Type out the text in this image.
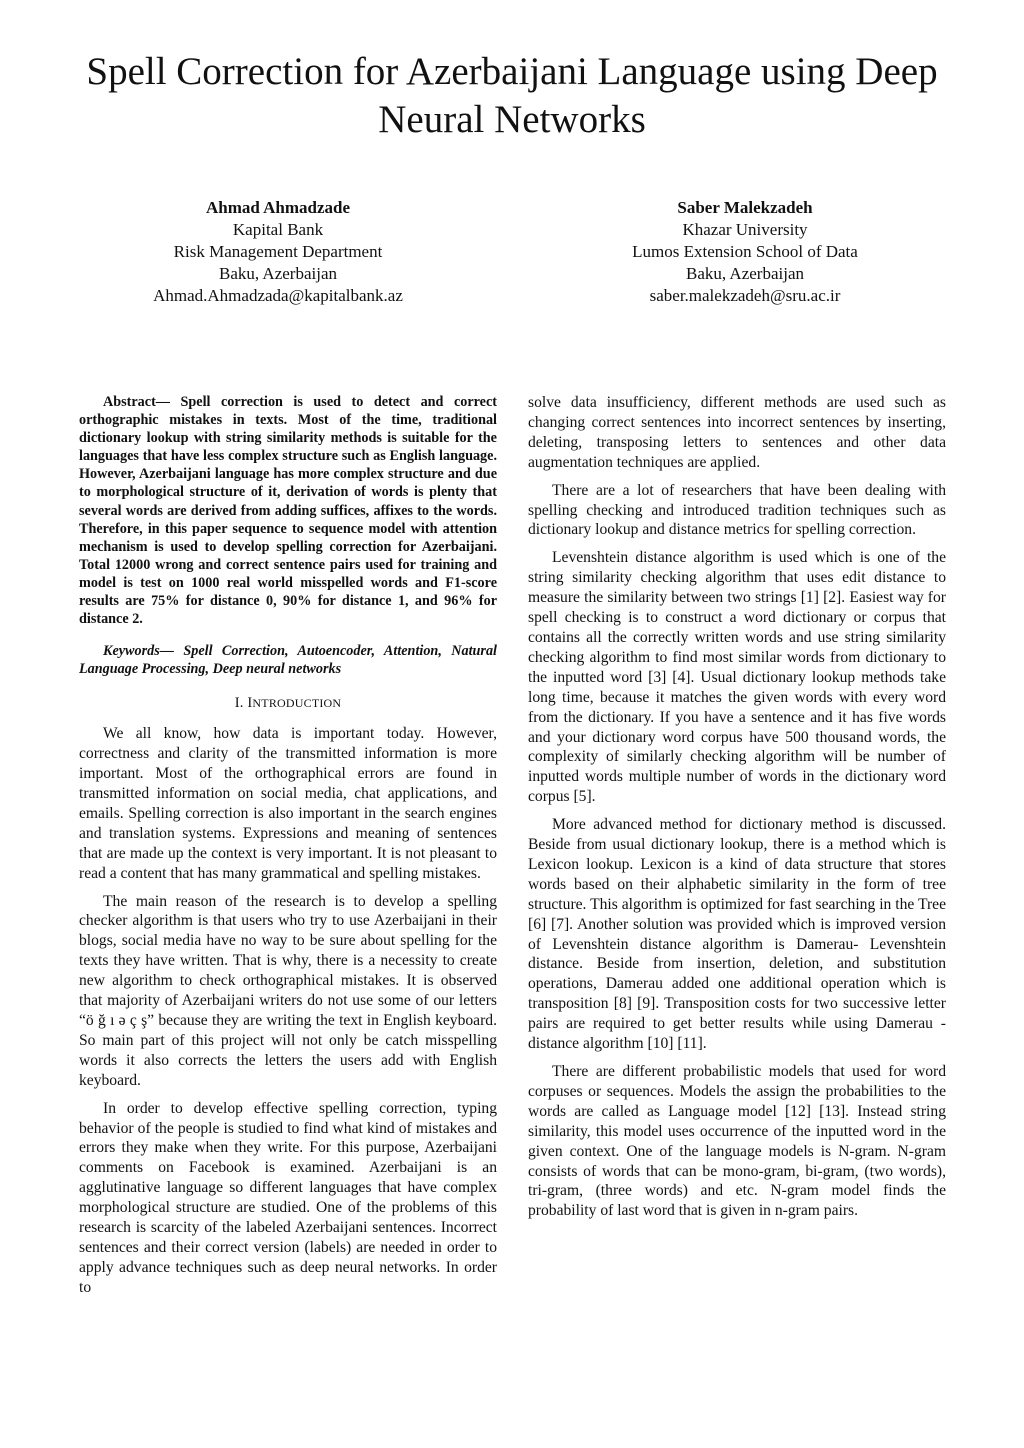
Spell Correction for Azerbaijani Language using Deep Neural Networks
Ahmad Ahmadzade
Kapital Bank
Risk Management Department
Baku, Azerbaijan
Ahmad.Ahmadzada@kapitalbank.az
Saber Malekzadeh
Khazar University
Lumos Extension School of Data
Baku, Azerbaijan
saber.malekzadeh@sru.ac.ir

Abstract— Spell correction is used to detect and correct orthographic mistakes in texts. Most of the time, traditional dictionary lookup with string similarity methods is suitable for the languages that have less complex structure such as English language. However, Azerbaijani language has more complex structure and due to morphological structure of it, derivation of words is plenty that several words are derived from adding suffices, affixes to the words. Therefore, in this paper sequence to sequence model with attention mechanism is used to develop spelling correction for Azerbaijani. Total 12000 wrong and correct sentence pairs used for training and model is test on 1000 real world misspelled words and F1-score results are 75% for distance 0, 90% for distance 1, and 96% for distance 2.

Keywords— Spell Correction, Autoencoder, Attention, Natural Language Processing, Deep neural networks

I. INTRODUCTION

We all know, how data is important today. However, correctness and clarity of the transmitted information is more important. Most of the orthographical errors are found in transmitted information on social media, chat applications, and emails. Spelling correction is also important in the search engines and translation systems. Expressions and meaning of sentences that are made up the context is very important. It is not pleasant to read a content that has many grammatical and spelling mistakes.

The main reason of the research is to develop a spelling checker algorithm is that users who try to use Azerbaijani in their blogs, social media have no way to be sure about spelling for the texts they have written. That is why, there is a necessity to create new algorithm to check orthographical mistakes. It is observed that majority of Azerbaijani writers do not use some of our letters “ö ğ ı ə ç ş” because they are writing the text in English keyboard. So main part of this project will not only be catch misspelling words it also corrects the letters the users add with English keyboard.

In order to develop effective spelling correction, typing behavior of the people is studied to find what kind of mistakes and errors they make when they write. For this purpose, Azerbaijani comments on Facebook is examined. Azerbaijani is an agglutinative language so different languages that have complex morphological structure are studied. One of the problems of this research is scarcity of the labeled Azerbaijani sentences. Incorrect sentences and their correct version (labels) are needed in order to apply advance techniques such as deep neural networks. In order to

solve data insufficiency, different methods are used such as changing correct sentences into incorrect sentences by inserting, deleting, transposing letters to sentences and other data augmentation techniques are applied.

There are a lot of researchers that have been dealing with spelling checking and introduced tradition techniques such as dictionary lookup and distance metrics for spelling correction.

Levenshtein distance algorithm is used which is one of the string similarity checking algorithm that uses edit distance to measure the similarity between two strings [1] [2]. Easiest way for spell checking is to construct a word dictionary or corpus that contains all the correctly written words and use string similarity checking algorithm to find most similar words from dictionary to the inputted word [3] [4]. Usual dictionary lookup methods take long time, because it matches the given words with every word from the dictionary. If you have a sentence and it has five words and your dictionary word corpus have 500 thousand words, the complexity of similarly checking algorithm will be number of inputted words multiple number of words in the dictionary word corpus [5].

More advanced method for dictionary method is discussed. Beside from usual dictionary lookup, there is a method which is Lexicon lookup. Lexicon is a kind of data structure that stores words based on their alphabetic similarity in the form of tree structure. This algorithm is optimized for fast searching in the Tree [6] [7]. Another solution was provided which is improved version of Levenshtein distance algorithm is Damerau- Levenshtein distance. Beside from insertion, deletion, and substitution operations, Damerau added one additional operation which is transposition [8] [9]. Transposition costs for two successive letter pairs are required to get better results while using Damerau -distance algorithm [10] [11].

There are different probabilistic models that used for word corpuses or sequences. Models the assign the probabilities to the words are called as Language model [12] [13]. Instead string similarity, this model uses occurrence of the inputted word in the given context. One of the language models is N-gram. N-gram consists of words that can be mono-gram, bi-gram, (two words), tri-gram, (three words) and etc. N-gram model finds the probability of last word that is given in n-gram pairs.
